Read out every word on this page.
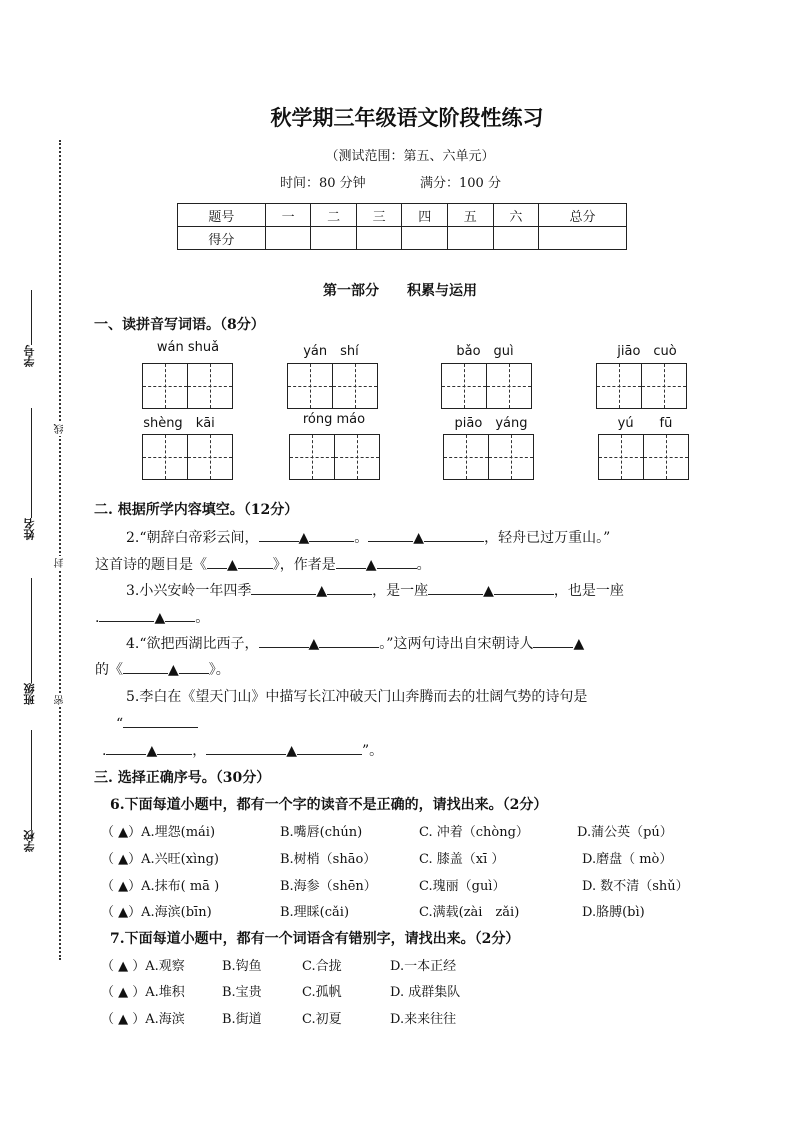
学号
姓名
班级
学校
线
封
密
秋学期三年级语文阶段性练习
（测试范围：第五、六单元）
时间：80 分钟	满分：100 分
题号	一	二	三	四	五	六	总分
得分							
第一部分　　积累与运用
一、读拼音写词语。（8分）
wán shuǎ	yán　shí	bǎo　guì	jiāo　cuò
shèng　kāi	róng máo	piāo　yáng	yú　　fū
二. 根据所学内容填空。（12分）
2.“朝辞白帝彩云间，	▲	。	▲	，轻舟已过万重山。”
这首诗的题目是《 ▲	》，作者是 ▲	。
3.小兴安岭一年四季	▲	，是一座	▲	，也是一座
.	▲ 。
4.“欲把西湖比西子，	▲	。”这两句诗出自宋朝诗人	▲
的《	▲ 》。
5.李白在《望天门山》中描写长江冲破天门山奔腾而去的壮阔气势的诗句是
“
.	▲	，	▲	”。
三. 选择正确序号。（30分）
6.下面每道小题中，都有一个字的读音不是正确的，请找出来。（2分）
（ ▲）A.埋怨(mái)	B.嘴唇(chún)	C. 冲着（chòng）	D.蒲公英（pú）
（ ▲）A.兴旺(xìng)	B.树梢（shāo）	C. 膝盖（xī ）	D.磨盘（ mò）
（ ▲）A.抹布( mā )	B.海参（shēn）	C.瑰丽（guì）	D. 数不清（shǔ）
（ ▲）A.海滨(bīn)	B.理睬(cǎi)	C.满载(zài　zǎi)	D.胳膊(bì)
7.下面每道小题中，都有一个词语含有错别字，请找出来。（2分）
（ ▲ ）A.观察	B.钩鱼	C.合拢	D.一本正经
（ ▲ ）A.堆积	B.宝贵	C.孤帆	D. 成群集队
（ ▲ ）A.海滨	B.街道	C.初夏	D.来来往往
